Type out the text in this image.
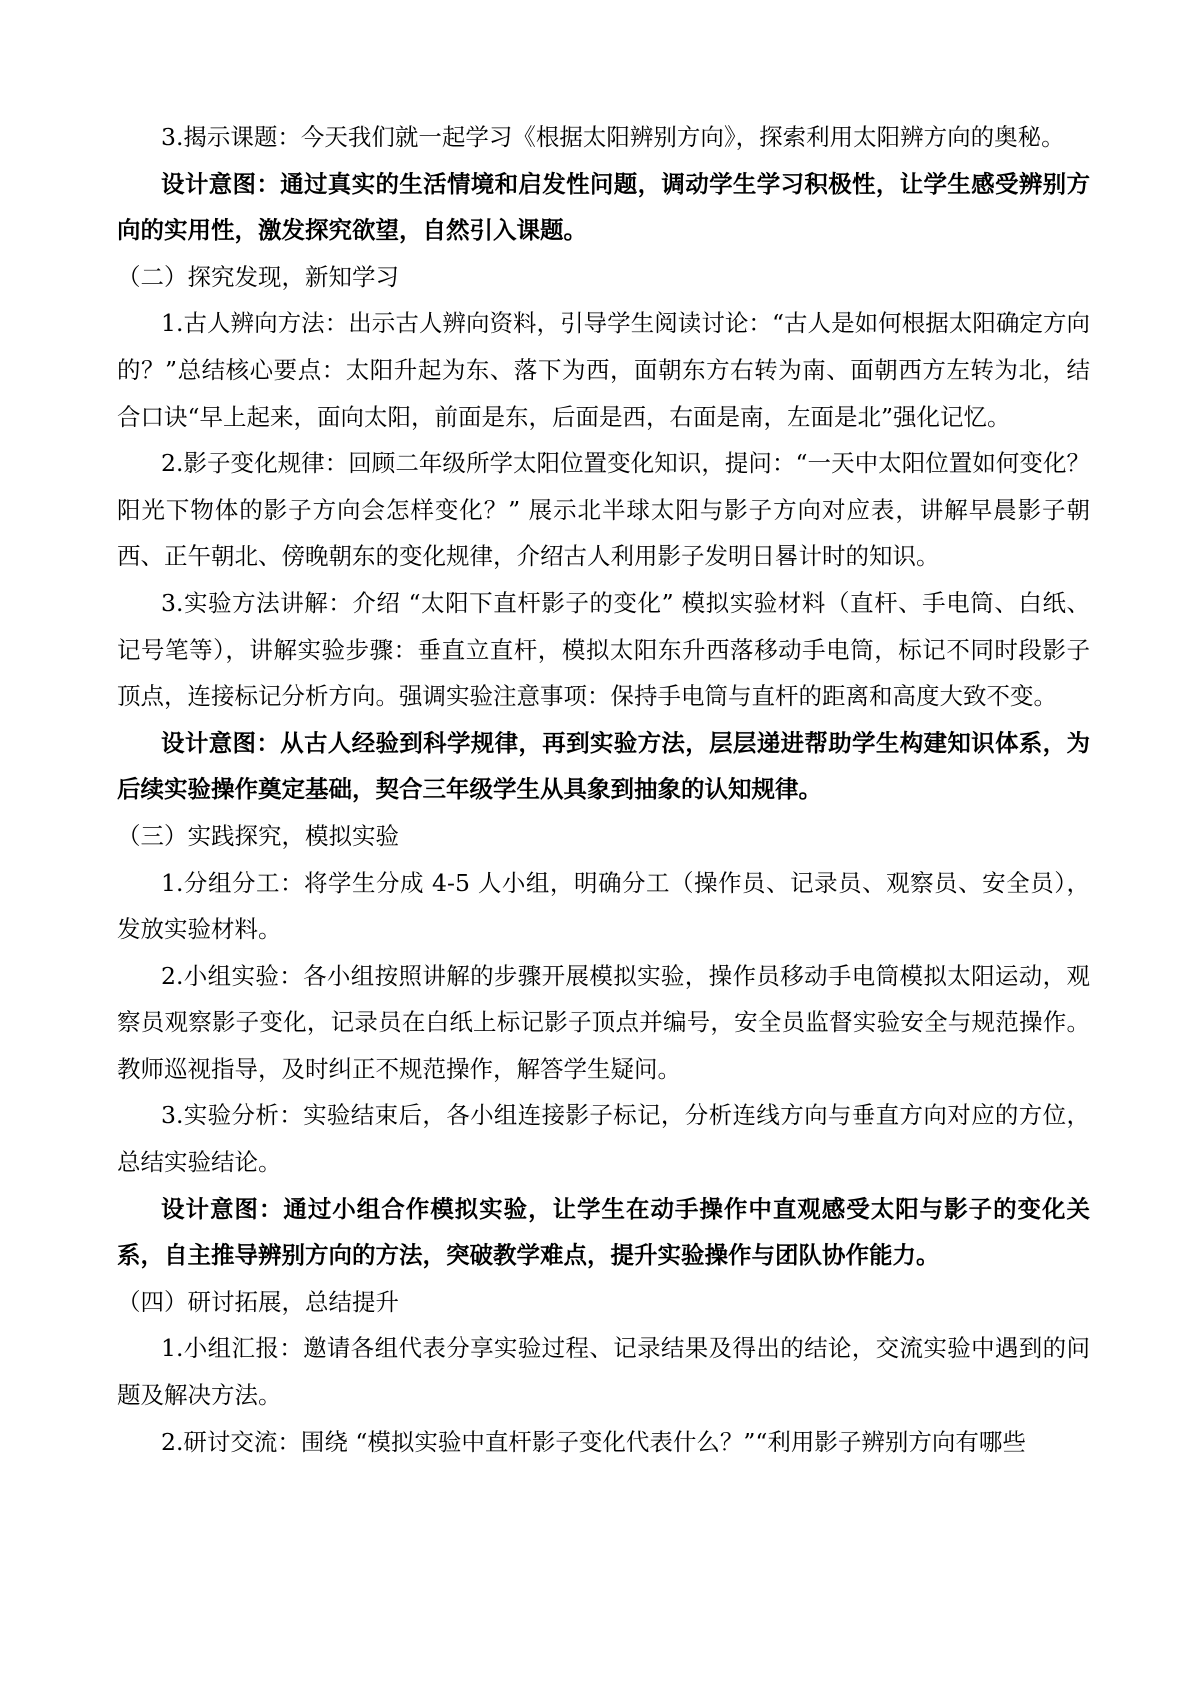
3.揭示课题：今天我们就一起学习《根据太阳辨别方向》，探索利用太阳辨方向的奥秘。

设计意图：通过真实的生活情境和启发性问题，调动学生学习积极性，让学生感受辨别方向的实用性，激发探究欲望，自然引入课题。

（二）探究发现，新知学习

1.古人辨向方法：出示古人辨向资料，引导学生阅读讨论：“古人是如何根据太阳确定方向的？”总结核心要点：太阳升起为东、落下为西，面朝东方右转为南、面朝西方左转为北，结合口诀“早上起来，面向太阳，前面是东，后面是西，右面是南，左面是北”强化记忆。

2.影子变化规律：回顾二年级所学太阳位置变化知识，提问：“一天中太阳位置如何变化？阳光下物体的影子方向会怎样变化？” 展示北半球太阳与影子方向对应表，讲解早晨影子朝西、正午朝北、傍晚朝东的变化规律，介绍古人利用影子发明日晷计时的知识。

3.实验方法讲解：介绍 “太阳下直杆影子的变化” 模拟实验材料（直杆、手电筒、白纸、记号笔等），讲解实验步骤：垂直立直杆，模拟太阳东升西落移动手电筒，标记不同时段影子顶点，连接标记分析方向。强调实验注意事项：保持手电筒与直杆的距离和高度大致不变。

设计意图：从古人经验到科学规律，再到实验方法，层层递进帮助学生构建知识体系，为后续实验操作奠定基础，契合三年级学生从具象到抽象的认知规律。

（三）实践探究，模拟实验

1.分组分工：将学生分成 4-5 人小组，明确分工（操作员、记录员、观察员、安全员），发放实验材料。

2.小组实验：各小组按照讲解的步骤开展模拟实验，操作员移动手电筒模拟太阳运动，观察员观察影子变化，记录员在白纸上标记影子顶点并编号，安全员监督实验安全与规范操作。教师巡视指导，及时纠正不规范操作，解答学生疑问。

3.实验分析：实验结束后，各小组连接影子标记，分析连线方向与垂直方向对应的方位，总结实验结论。

设计意图：通过小组合作模拟实验，让学生在动手操作中直观感受太阳与影子的变化关系，自主推导辨别方向的方法，突破教学难点，提升实验操作与团队协作能力。

（四）研讨拓展，总结提升

1.小组汇报：邀请各组代表分享实验过程、记录结果及得出的结论，交流实验中遇到的问题及解决方法。

2.研讨交流：围绕 “模拟实验中直杆影子变化代表什么？”“利用影子辨别方向有哪些
